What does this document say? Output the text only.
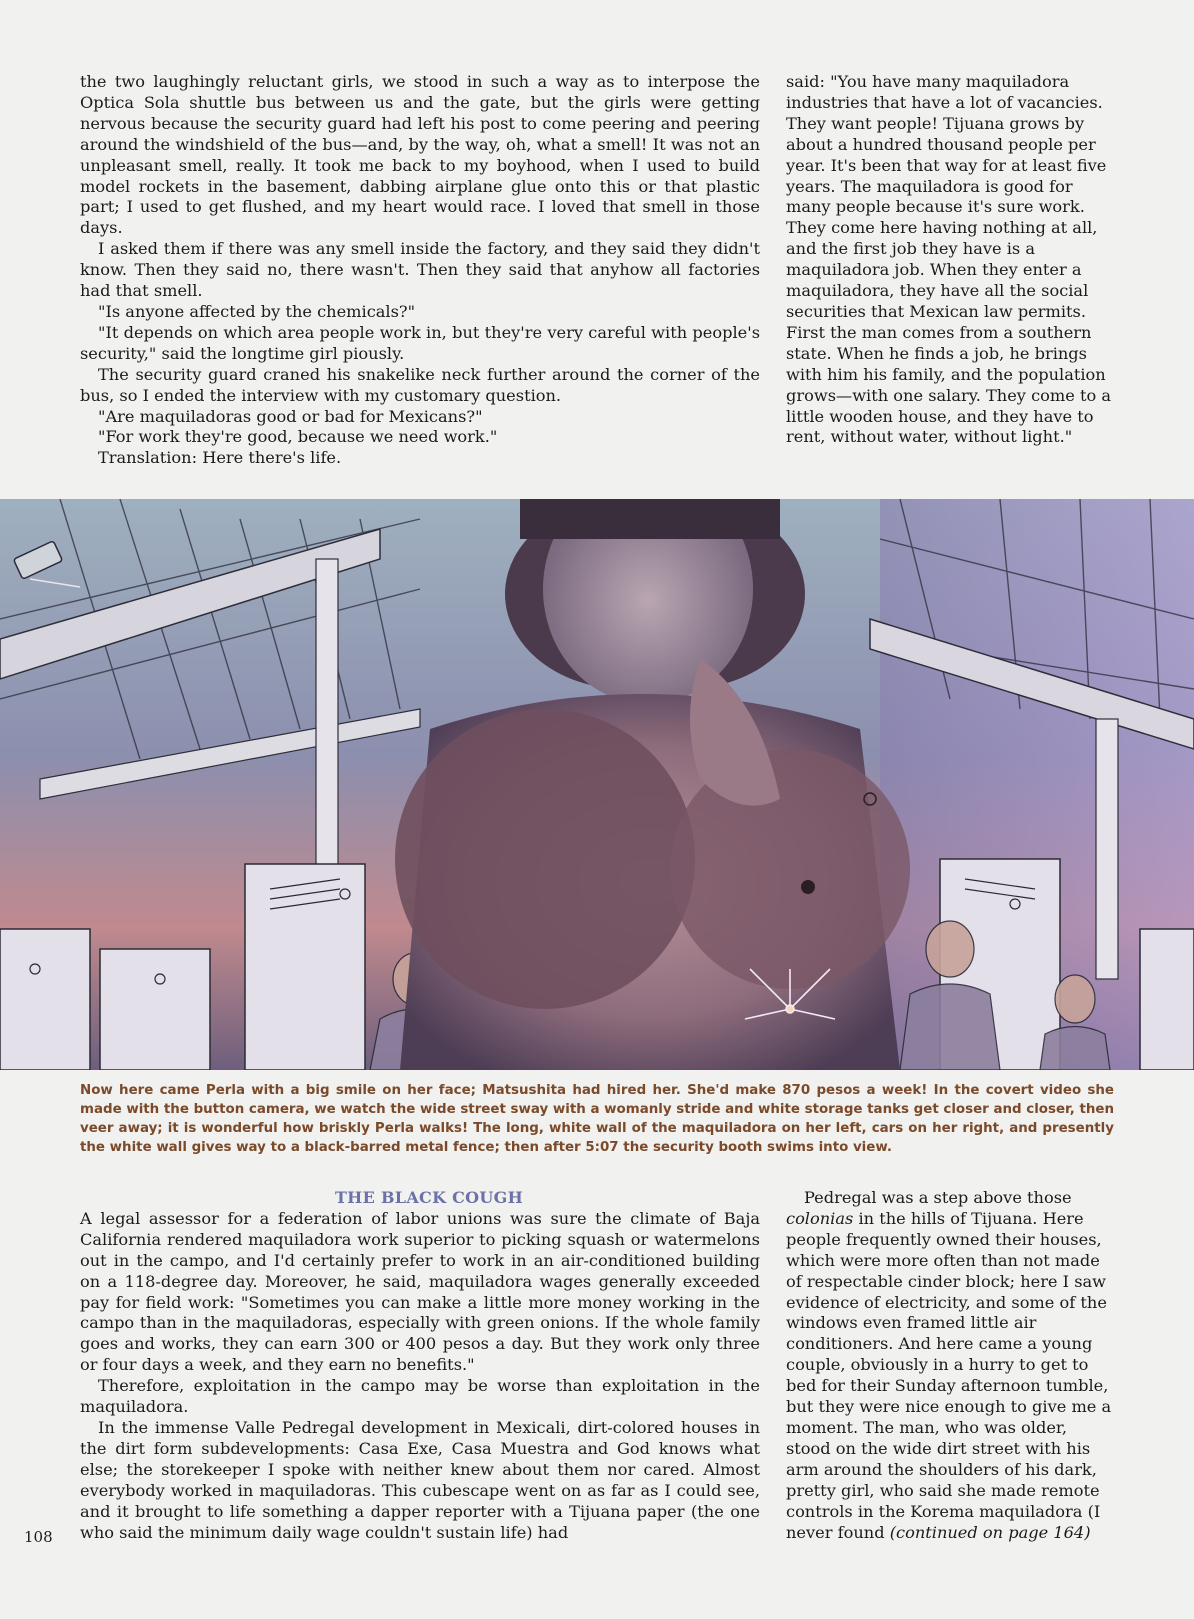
the two laughingly reluctant girls, we stood in such a way as to interpose the Optica Sola shuttle bus between us and the gate, but the girls were getting nervous because the security guard had left his post to come peering and peering around the windshield of the bus—and, by the way, oh, what a smell! It was not an unpleasant smell, really. It took me back to my boyhood, when I used to build model rockets in the basement, dabbing airplane glue onto this or that plastic part; I used to get flushed, and my heart would race. I loved that smell in those days.

I asked them if there was any smell inside the factory, and they said they didn't know. Then they said no, there wasn't. Then they said that anyhow all factories had that smell.

"Is anyone affected by the chemicals?"

"It depends on which area people work in, but they're very careful with people's security," said the longtime girl piously.

The security guard craned his snakelike neck further around the corner of the bus, so I ended the interview with my customary question.

"Are maquiladoras good or bad for Mexicans?"

"For work they're good, because we need work."

Translation: Here there's life.

said: "You have many maquiladora industries that have a lot of vacancies. They want people! Tijuana grows by about a hundred thousand people per year. It's been that way for at least five years. The maquiladora is good for many people because it's sure work. They come here having nothing at all, and the first job they have is a maquiladora job. When they enter a maquiladora, they have all the social securities that Mexican law permits. First the man comes from a southern state. When he finds a job, he brings with him his family, and the population grows—with one salary. They come to a little wooden house, and they have to rent, without water, without light."

Now here came Perla with a big smile on her face; Matsushita had hired her. She'd make 870 pesos a week! In the covert video she made with the button camera, we watch the wide street sway with a womanly stride and white storage tanks get closer and closer, then veer away; it is wonderful how briskly Perla walks! The long, white wall of the maquiladora on her left, cars on her right, and presently the white wall gives way to a black-barred metal fence; then after 5:07 the security booth swims into view.

THE BLACK COUGH

A legal assessor for a federation of labor unions was sure the climate of Baja California rendered maquiladora work superior to picking squash or watermelons out in the campo, and I'd certainly prefer to work in an air-conditioned building on a 118-degree day. Moreover, he said, maquiladora wages generally exceeded pay for field work: "Sometimes you can make a little more money working in the campo than in the maquiladoras, especially with green onions. If the whole family goes and works, they can earn 300 or 400 pesos a day. But they work only three or four days a week, and they earn no benefits."

Therefore, exploitation in the campo may be worse than exploitation in the maquiladora.

In the immense Valle Pedregal development in Mexicali, dirt-colored houses in the dirt form subdevelopments: Casa Exe, Casa Muestra and God knows what else; the storekeeper I spoke with neither knew about them nor cared. Almost everybody worked in maquiladoras. This cubescape went on as far as I could see, and it brought to life something a dapper reporter with a Tijuana paper (the one who said the minimum daily wage couldn't sustain life) had

Pedregal was a step above those colonias in the hills of Tijuana. Here people frequently owned their houses, which were more often than not made of respectable cinder block; here I saw evidence of electricity, and some of the windows even framed little air conditioners. And here came a young couple, obviously in a hurry to get to bed for their Sunday afternoon tumble, but they were nice enough to give me a moment. The man, who was older, stood on the wide dirt street with his arm around the shoulders of his dark, pretty girl, who said she made remote controls in the Korema maquiladora (I never found (continued on page 164)

108
